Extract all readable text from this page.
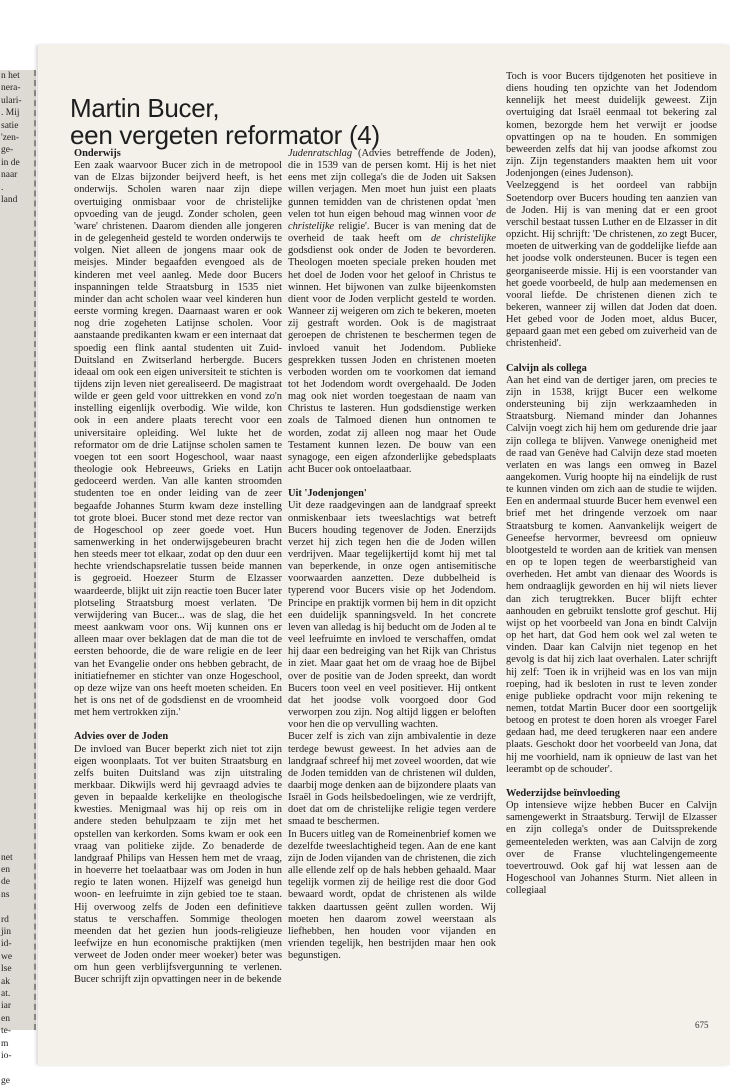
n het
nera-
ulari-
. Mij
satie
'zen-
ge-
in de
naar
.
land

net
en
de
ns

rd
jin
id-
we
lse
ak
at.
iar
en
te-
m
io-

ge
Martin Bucer,
een vergeten reformator (4)
Onderwijs

Een zaak waarvoor Bucer zich in de metropool van de Elzas bijzonder beijverd heeft, is het onderwijs. Scholen waren naar zijn diepe overtuiging onmisbaar voor de christelijke opvoeding van de jeugd. Zonder scholen, geen 'ware' christenen. Daarom dienden alle jongeren in de gelegenheid gesteld te worden onderwijs te volgen. Niet alleen de jongens maar ook de meisjes. Minder begaafden evengoed als de kinderen met veel aanleg. Mede door Bucers inspanningen telde Straatsburg in 1535 niet minder dan acht scholen waar veel kinderen hun eerste vorming kregen. Daarnaast waren er ook nog drie zogeheten Latijnse scholen. Voor aanstaande predikanten kwam er een internaat dat spoedig een flink aantal studenten uit Zuid-Duitsland en Zwitserland herbergde. Bucers ideaal om ook een eigen universiteit te stichten is tijdens zijn leven niet gerealiseerd. De magistraat wilde er geen geld voor uittrekken en vond zo'n instelling eigenlijk overbodig. Wie wilde, kon ook in een andere plaats terecht voor een universitaire opleiding. Wel lukte het de reformator om de drie Latijnse scholen samen te voegen tot een soort Hogeschool, waar naast theologie ook Hebreeuws, Grieks en Latijn gedoceerd werden. Van alle kanten stroomden studenten toe en onder leiding van de zeer begaafde Johannes Sturm kwam deze instelling tot grote bloei. Bucer stond met deze rector van de Hogeschool op zeer goede voet. Hun samenwerking in het onderwijsgebeuren bracht hen steeds meer tot elkaar, zodat op den duur een hechte vriendschapsrelatie tussen beide mannen is gegroeid. Hoezeer Sturm de Elzasser waardeerde, blijkt uit zijn reactie toen Bucer later plotseling Straatsburg moest verlaten. 'De verwijdering van Bucer... was de slag, die het meest aankwam voor ons. Wij kunnen ons er alleen maar over beklagen dat de man die tot de eersten behoorde, die de ware religie en de leer van het Evangelie onder ons hebben gebracht, de initiatiefnemer en stichter van onze Hogeschool, op deze wijze van ons heeft moeten scheiden. En het is ons net of de godsdienst en de vroomheid met hem vertrokken zijn.'

Advies over de Joden

De invloed van Bucer beperkt zich niet tot zijn eigen woonplaats. Tot ver buiten Straatsburg en zelfs buiten Duitsland was zijn uitstraling merkbaar. Dikwijls werd hij gevraagd advies te geven in bepaalde kerkelijke en theologische kwesties. Menigmaal was hij op reis om in andere steden behulpzaam te zijn met het opstellen van kerkorden. Soms kwam er ook een vraag van politieke zijde. Zo benaderde de landgraaf Philips van Hessen hem met de vraag, in hoeverre het toelaatbaar was om Joden in hun regio te laten wonen. Hijzelf was geneigd hun woon- en leefruimte in zijn gebied toe te staan. Hij overwoog zelfs de Joden een definitieve status te verschaffen. Sommige theologen meenden dat het gezien hun joods-religieuze leefwijze en hun economische praktijken (men verweet de Joden onder meer woeker) beter was om hun geen verblijfsvergunning te verlenen. Bucer schrijft zijn opvattingen neer in de bekende

Judenratschlag (Advies betreffende de Joden), die in 1539 van de persen komt. Hij is het niet eens met zijn collega's die de Joden uit Saksen willen verjagen. Men moet hun juist een plaats gunnen temidden van de christenen opdat 'men velen tot hun eigen behoud mag winnen voor de christelijke religie'. Bucer is van mening dat de overheid de taak heeft om de christelijke godsdienst ook onder de Joden te bevorderen. Theologen moeten speciale preken houden met het doel de Joden voor het geloof in Christus te winnen. Het bijwonen van zulke bijeenkomsten dient voor de Joden verplicht gesteld te worden. Wanneer zij weigeren om zich te bekeren, moeten zij gestraft worden. Ook is de magistraat geroepen de christenen te beschermen tegen de invloed vanuit het Jodendom. Publieke gesprekken tussen Joden en christenen moeten verboden worden om te voorkomen dat iemand tot het Jodendom wordt overgehaald. De Joden mag ook niet worden toegestaan de naam van Christus te lasteren. Hun godsdienstige werken zoals de Talmoed dienen hun ontnomen te worden, zodat zij alleen nog maar het Oude Testament kunnen lezen. De bouw van een synagoge, een eigen afzonderlijke gebedsplaats acht Bucer ook ontoelaatbaar.

Uit 'Jodenjongen'

Uit deze raadgevingen aan de landgraaf spreekt onmiskenbaar iets tweeslachtigs wat betreft Bucers houding tegenover de Joden. Enerzijds verzet hij zich tegen hen die de Joden willen verdrijven. Maar tegelijkertijd komt hij met tal van beperkende, in onze ogen antisemitische voorwaarden aanzetten. Deze dubbelheid is typerend voor Bucers visie op het Jodendom. Principe en praktijk vormen bij hem in dit opzicht een duidelijk spanningsveld. In het concrete leven van alledag is hij beducht om de Joden al te veel leefruimte en invloed te verschaffen, omdat hij daar een bedreiging van het Rijk van Christus in ziet. Maar gaat het om de vraag hoe de Bijbel over de positie van de Joden spreekt, dan wordt Bucers toon veel en veel positiever. Hij ontkent dat het joodse volk voorgoed door God verworpen zou zijn. Nog altijd liggen er beloften voor hen die op vervulling wachten.

Bucer zelf is zich van zijn ambivalentie in deze terdege bewust geweest. In het advies aan de landgraaf schreef hij met zoveel woorden, dat wie de Joden temidden van de christenen wil dulden, daarbij moge denken aan de bijzondere plaats van Israël in Gods heilsbedoelingen, wie ze verdrijft, doet dat om de christelijke religie tegen verdere smaad te beschermen.

In Bucers uitleg van de Romeinenbrief komen we dezelfde tweeslachtigheid tegen. Aan de ene kant zijn de Joden vijanden van de christenen, die zich alle ellende zelf op de hals hebben gehaald. Maar tegelijk vormen zij de heilige rest die door God bewaard wordt, opdat de christenen als wilde takken daartussen geënt zullen worden. Wij moeten hen daarom zowel weerstaan als liefhebben, hen houden voor vijanden en vrienden tegelijk, hen bestrijden maar hen ook begunstigen.

Toch is voor Bucers tijdgenoten het positieve in diens houding ten opzichte van het Jodendom kennelijk het meest duidelijk geweest. Zijn overtuiging dat Israël eenmaal tot bekering zal komen, bezorgde hem het verwijt er joodse opvattingen op na te houden. En sommigen beweerden zelfs dat hij van joodse afkomst zou zijn. Zijn tegenstanders maakten hem uit voor Jodenjongen (eines Judenson).

Veelzeggend is het oordeel van rabbijn Soetendorp over Bucers houding ten aanzien van de Joden. Hij is van mening dat er een groot verschil bestaat tussen Luther en de Elzasser in dit opzicht. Hij schrijft: 'De christenen, zo zegt Bucer, moeten de uitwerking van de goddelijke liefde aan het joodse volk ondersteunen. Bucer is tegen een georganiseerde missie. Hij is een voorstander van het goede voorbeeld, de hulp aan medemensen en vooral liefde. De christenen dienen zich te bekeren, wanneer zij willen dat Joden dat doen. Het gebed voor de Joden moet, aldus Bucer, gepaard gaan met een gebed om zuiverheid van de christenheid'.

Calvijn als collega

Aan het eind van de dertiger jaren, om precies te zijn in 1538, krijgt Bucer een welkome ondersteuning bij zijn werkzaamheden in Straatsburg. Niemand minder dan Johannes Calvijn voegt zich hij hem om gedurende drie jaar zijn collega te blijven. Vanwege onenigheid met de raad van Genève had Calvijn deze stad moeten verlaten en was langs een omweg in Bazel aangekomen. Vurig hoopte hij na eindelijk de rust te kunnen vinden om zich aan de studie te wijden. Een en andermaal stuurde Bucer hem evenwel een brief met het dringende verzoek om naar Straatsburg te komen. Aanvankelijk weigert de Geneefse hervormer, bevreesd om opnieuw blootgesteld te worden aan de kritiek van mensen en op te lopen tegen de weerbarstigheid van overheden. Het ambt van dienaar des Woords is hem ondraaglijk geworden en hij wil niets liever dan zich terugtrekken. Bucer blijft echter aanhouden en gebruikt tenslotte grof geschut. Hij wijst op het voorbeeld van Jona en bindt Calvijn op het hart, dat God hem ook wel zal weten te vinden. Daar kan Calvijn niet tegenop en het gevolg is dat hij zich laat overhalen. Later schrijft hij zelf: 'Toen ik in vrijheid was en los van mijn roeping, had ik besloten in rust te leven zonder enige publieke opdracht voor mijn rekening te nemen, totdat Martin Bucer door een soortgelijk betoog en protest te doen horen als vroeger Farel gedaan had, me deed terugkeren naar een andere plaats. Geschokt door het voorbeeld van Jona, dat hij me voorhield, nam ik opnieuw de last van het leerambt op de schouder'.

Wederzijdse beïnvloeding

Op intensieve wijze hebben Bucer en Calvijn samengewerkt in Straatsburg. Terwijl de Elzasser en zijn collega's onder de Duitssprekende gemeenteleden werkten, was aan Calvijn de zorg over de Franse vluchtelingengemeente toevertrouwd. Ook gaf hij wat lessen aan de Hogeschool van Johannes Sturm. Niet alleen in collegiaal

675
